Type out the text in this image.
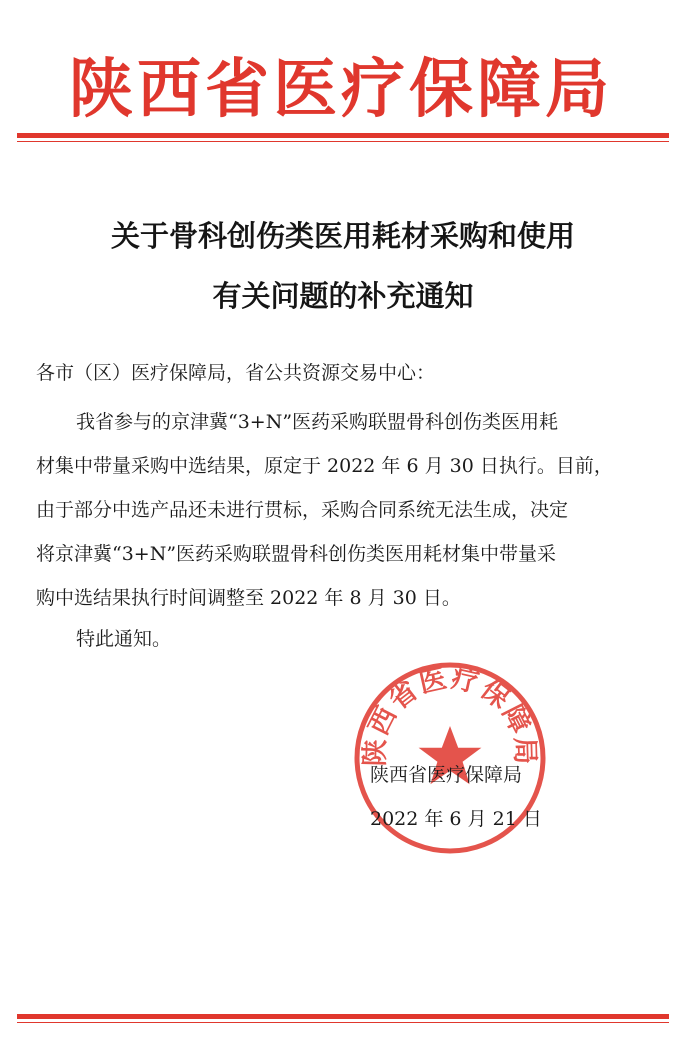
陕西省医疗保障局
关于骨科创伤类医用耗材采购和使用
有关问题的补充通知
各市（区）医疗保障局，省公共资源交易中心：
我省参与的京津冀“3+N”医药采购联盟骨科创伤类医用耗
材集中带量采购中选结果，原定于 2022 年 6 月 30 日执行。目前，
由于部分中选产品还未进行贯标，采购合同系统无法生成，决定
将京津冀“3+N”医药采购联盟骨科创伤类医用耗材集中带量采
购中选结果执行时间调整至 2022 年 8 月 30 日。
特此通知。
陕西省医疗保障局
陕西省医疗保障局
2022 年 6 月 21 日
